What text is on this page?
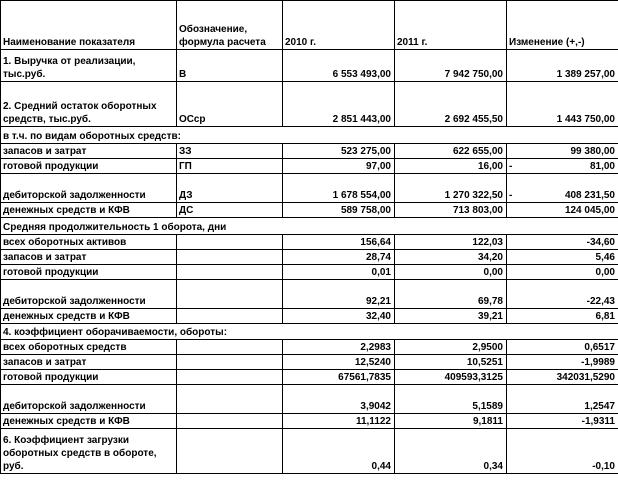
Наименование показателя	Обозначение, формула расчета	2010 г.	2011 г.	Изменение (+,-)
1. Выручка от реализации, тыс.руб.	В	6 553 493,00	7 942 750,00	1 389 257,00
2. Средний остаток оборотных средств, тыс.руб.	ОСср	2 851 443,00	2 692 455,50	1 443 750,00
в т.ч. по видам оборотных средств:				
запасов и затрат	ЗЗ	523 275,00	622 655,00	99 380,00
готовой продукции	ГП	97,00	16,00	- 81,00

дебиторской задолженности	ДЗ	1 678 554,00	1 270 322,50	- 408 231,50

денежных средств и КФВ	ДС	589 758,00	713 803,00	124 045,00
Средняя продолжительность 1 оборота, дни				
всех оборотных активов		156,64	122,03	-34,60
запасов и затрат		28,74	34,20	5,46
готовой продукции		0,01	0,00	0,00
дебиторской задолженности		92,21	69,78	-22,43
денежных средств и КФВ		32,40	39,21	6,81
4. коэффициент оборачиваемости, обороты:				
всех оборотных средств		2,2983	2,9500	0,6517
запасов и затрат		12,5240	10,5251	-1,9989
готовой продукции		67561,7835	409593,3125	342031,5290
дебиторской задолженности		3,9042	5,1589	1,2547
денежных средств и КФВ		11,1122	9,1811	-1,9311
6. Коэффициент загрузки оборотных средств в обороте, руб.		0,44	0,34	-0,10
